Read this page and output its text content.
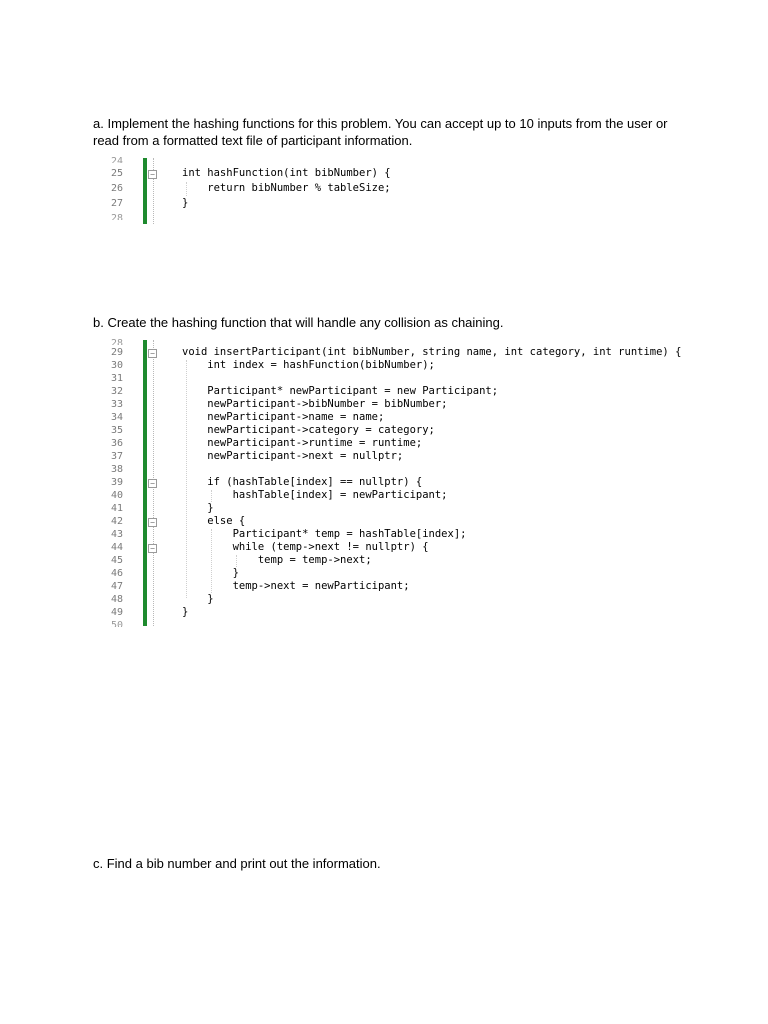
a. Implement the hashing functions for this problem. You can accept up to 10 inputs from the user or read from a formatted text file of participant information.
24
−
25	int hashFunction(int bibNumber) {
26	return bibNumber % tableSize;
27	}
28
b. Create the hashing function that will handle any collision as chaining.
28
−
−
−
−
29	void insertParticipant(int bibNumber, string name, int category, int runtime) {
30	int index = hashFunction(bibNumber);
31
32	Participant* newParticipant = new Participant;
33	newParticipant->bibNumber = bibNumber;
34	newParticipant->name = name;
35	newParticipant->category = category;
36	newParticipant->runtime = runtime;
37	newParticipant->next = nullptr;
38
39	if (hashTable[index] == nullptr) {
40	hashTable[index] = newParticipant;
41	}
42	else {
43	Participant* temp = hashTable[index];
44	while (temp->next != nullptr) {
45	temp = temp->next;
46	}
47	temp->next = newParticipant;
48	}
49	}
50
c. Find a bib number and print out the information.
